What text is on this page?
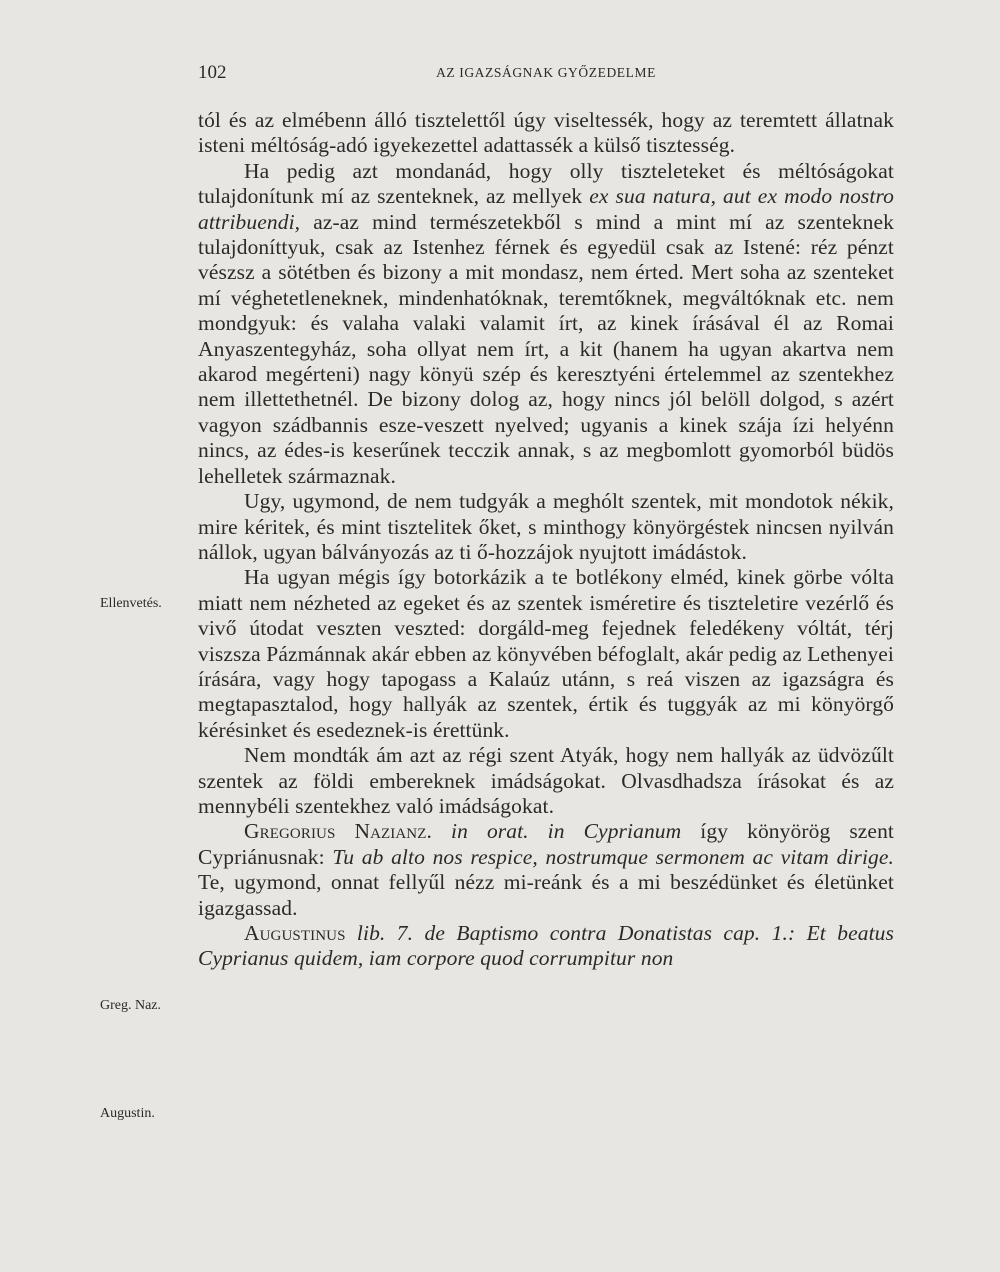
102	AZ IGAZSÁGNAK GYŐZEDELME
Ellenvetés.
Greg. Naz.
Augustin.

tól és az elmébenn álló tisztelettől úgy viseltessék, hogy az teremtett állatnak isteni méltóság-adó igyekezettel adattassék a külső tisztesség.

Ha pedig azt mondanád, hogy olly tiszteleteket és méltóságokat tulajdonítunk mí az szenteknek, az mellyek ex sua natura, aut ex modo nostro attribuendi, az-az mind természetekből s mind a mint mí az szenteknek tulajdoníttyuk, csak az Istenhez férnek és egyedül csak az Istené: réz pénzt vészsz a sötétben és bizony a mit mondasz, nem érted. Mert soha az szenteket mí véghetetleneknek, mindenhatóknak, teremtőknek, megváltóknak etc. nem mondgyuk: és valaha valaki valamit írt, az kinek írásával él az Romai Anyaszentegyház, soha ollyat nem írt, a kit (hanem ha ugyan akartva nem akarod megérteni) nagy könyü szép és keresztyéni értelemmel az szentekhez nem illettethetnél. De bizony dolog az, hogy nincs jól belöll dolgod, s azért vagyon szádbannis esze-veszett nyelved; ugyanis a kinek szája ízi helyénn nincs, az édes-is keserűnek tecczik annak, s az megbomlott gyomorból büdös lehelletek származnak.

Ugy, ugymond, de nem tudgyák a meghólt szentek, mit mondotok nékik, mire kéritek, és mint tisztelitek őket, s minthogy könyörgéstek nincsen nyilván nállok, ugyan bálványozás az ti ő-hozzájok nyujtott imádástok.

Ha ugyan mégis így botorkázik a te botlékony elméd, kinek görbe vólta miatt nem nézheted az egeket és az szentek isméretire és tiszteletire vezérlő és vivő útodat veszten veszted: dorgáld-meg fejednek feledékeny vóltát, térj viszsza Pázmánnak akár ebben az könyvében béfoglalt, akár pedig az Lethenyei írására, vagy hogy tapogass a Kalaúz utánn, s reá viszen az igazságra és megtapasztalod, hogy hallyák az szentek, értik és tuggyák az mi könyörgő kérésinket és esedeznek-is érettünk.

Nem mondták ám azt az régi szent Atyák, hogy nem hallyák az üdvözűlt szentek az földi embereknek imádságokat. Olvasdhadsza írásokat és az mennybéli szentekhez való imádságokat.

Gregorius Nazianz. in orat. in Cyprianum így könyörög szent Cypriánusnak: Tu ab alto nos respice, nostrumque sermonem ac vitam dirige. Te, ugymond, onnat fellyűl nézz mi-reánk és a mi beszédünket és életünket igazgassad.

Augustinus lib. 7. de Baptismo contra Donatistas cap. 1.: Et beatus Cyprianus quidem, iam corpore quod corrumpitur non
